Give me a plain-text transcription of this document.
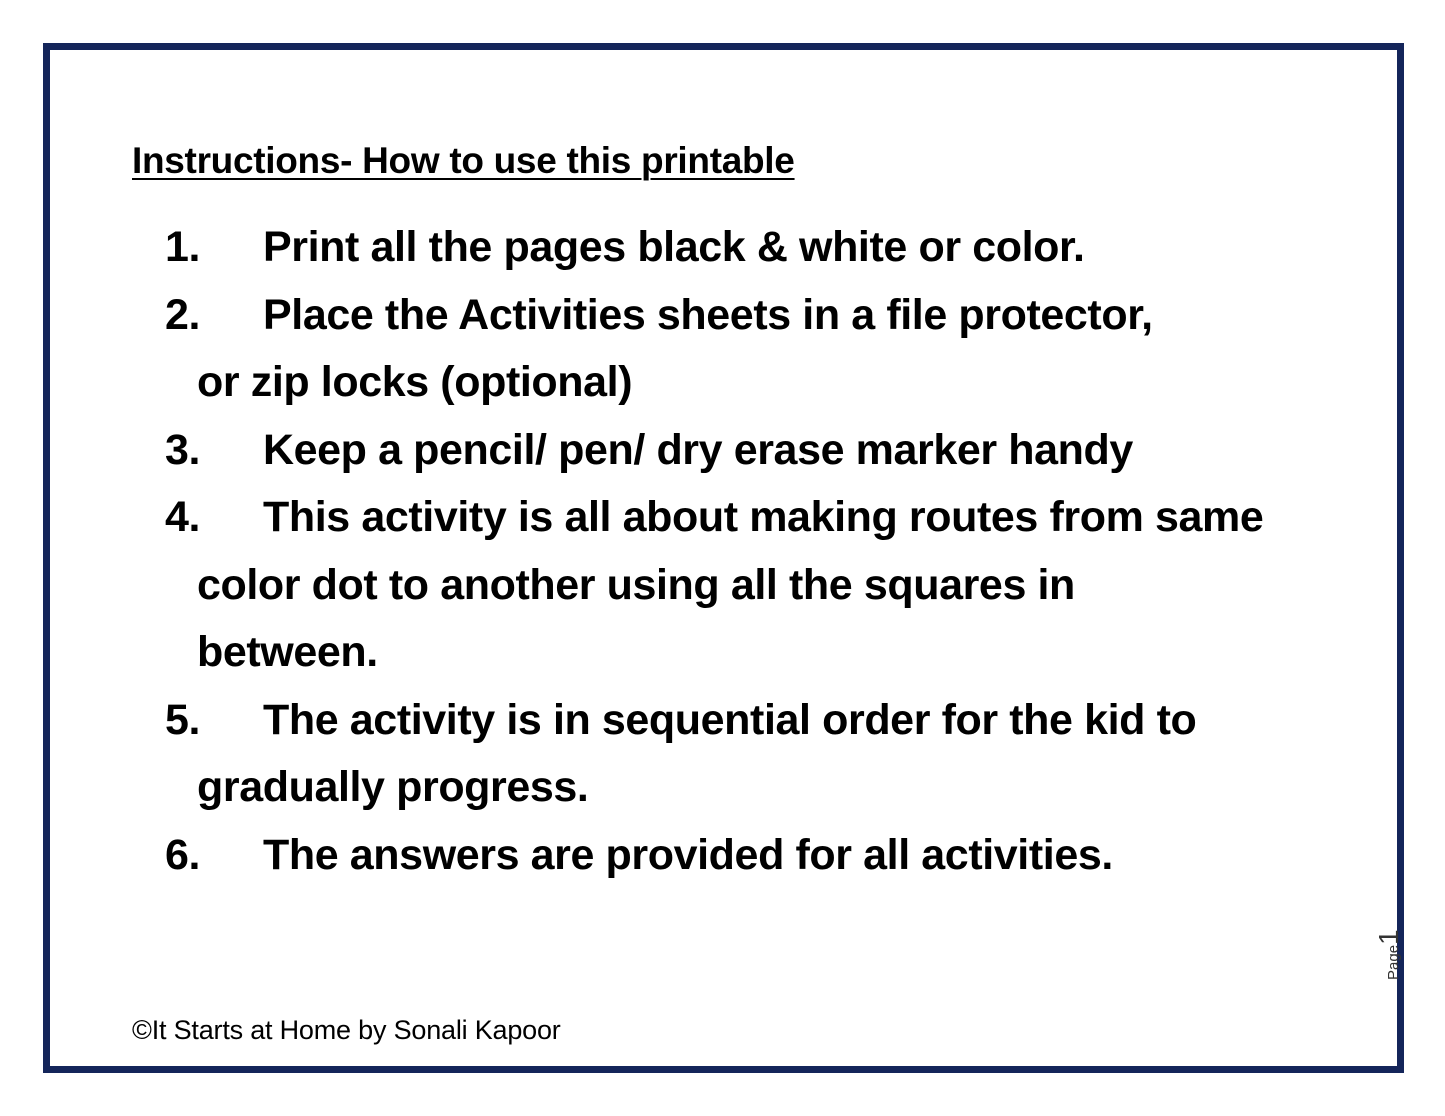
Instructions- How to use this printable
1.	Print all the pages black & white or color.
2.	Place the Activities sheets in a file protector,
or zip locks (optional)
3.	Keep a pencil/ pen/ dry erase marker handy
4.	This activity is all about making routes from same
color dot to another using all the squares in
between.
5.	The activity is in sequential order for the kid to
gradually progress.
6.	The answers are provided for all activities.
Page1
©It Starts at Home by Sonali Kapoor
